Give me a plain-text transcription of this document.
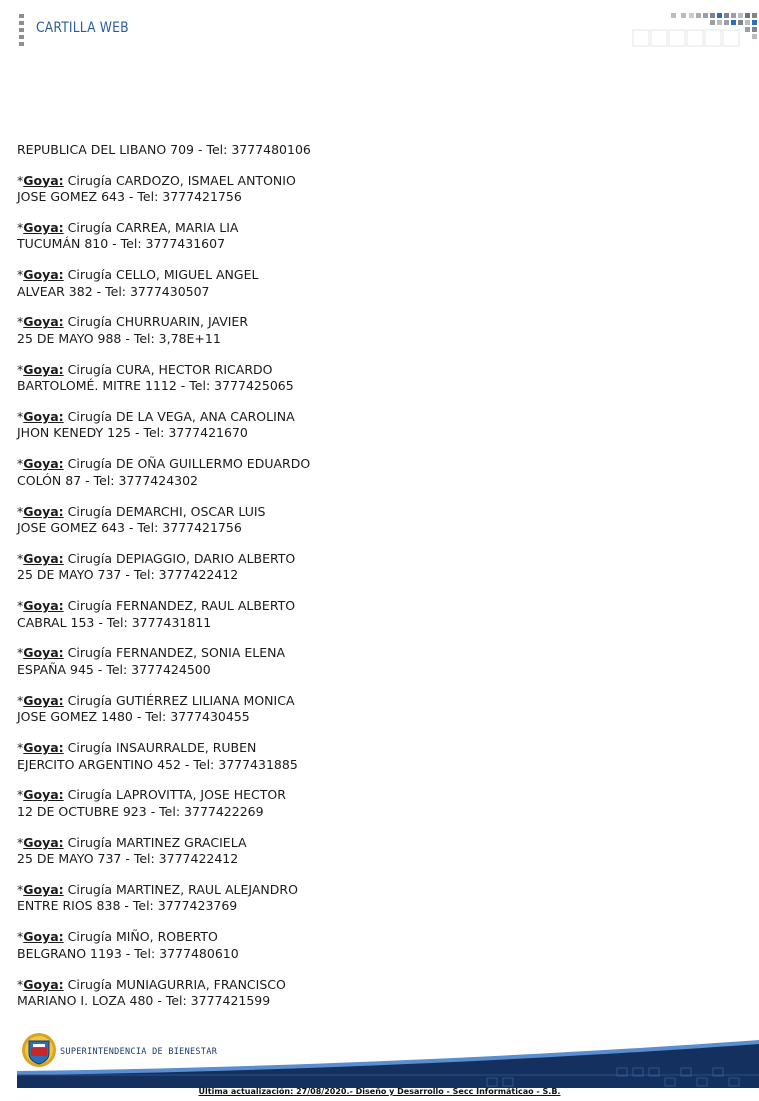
CARTILLA WEB

REPUBLICA DEL LIBANO 709 - Tel: 3777480106

*Goya: Cirugía CARDOZO, ISMAEL ANTONIO

JOSE GOMEZ 643 - Tel: 3777421756

*Goya: Cirugía CARREA, MARIA LIA

TUCUMÁN 810 - Tel: 3777431607

*Goya: Cirugía CELLO, MIGUEL ANGEL

ALVEAR 382 - Tel: 3777430507

*Goya: Cirugía CHURRUARIN, JAVIER

25 DE MAYO 988 - Tel: 3,78E+11

*Goya: Cirugía CURA, HECTOR RICARDO

BARTOLOMÉ. MITRE 1112 - Tel: 3777425065

*Goya: Cirugía DE LA VEGA, ANA CAROLINA

JHON KENEDY 125 - Tel: 3777421670

*Goya: Cirugía DE OÑA GUILLERMO EDUARDO

COLÓN 87 - Tel: 3777424302

*Goya: Cirugía DEMARCHI, OSCAR LUIS

JOSE GOMEZ 643 - Tel: 3777421756

*Goya: Cirugía DEPIAGGIO, DARIO ALBERTO

25 DE MAYO 737 - Tel: 3777422412

*Goya: Cirugía FERNANDEZ, RAUL ALBERTO

CABRAL 153 - Tel: 3777431811

*Goya: Cirugía FERNANDEZ, SONIA ELENA

ESPAÑA 945 - Tel: 3777424500

*Goya: Cirugía GUTIÉRREZ LILIANA MONICA

JOSE GOMEZ 1480 - Tel: 3777430455

*Goya: Cirugía INSAURRALDE, RUBEN

EJERCITO ARGENTINO 452 - Tel: 3777431885

*Goya: Cirugía LAPROVITTA, JOSE HECTOR

12 DE OCTUBRE 923 - Tel: 3777422269

*Goya: Cirugía MARTINEZ GRACIELA

25 DE MAYO 737 - Tel: 3777422412

*Goya: Cirugía MARTINEZ, RAUL ALEJANDRO

ENTRE RIOS 838 - Tel: 3777423769

*Goya: Cirugía MIÑO, ROBERTO

BELGRANO 1193 - Tel: 3777480610

*Goya: Cirugía MUNIAGURRIA, FRANCISCO

MARIANO I. LOZA 480 - Tel: 3777421599

SUPERINTENDENCIA DE BIENESTAR
Última actualización: 27/08/2020.- Diseño y Desarrollo - Secc Informáticao - S.B.
